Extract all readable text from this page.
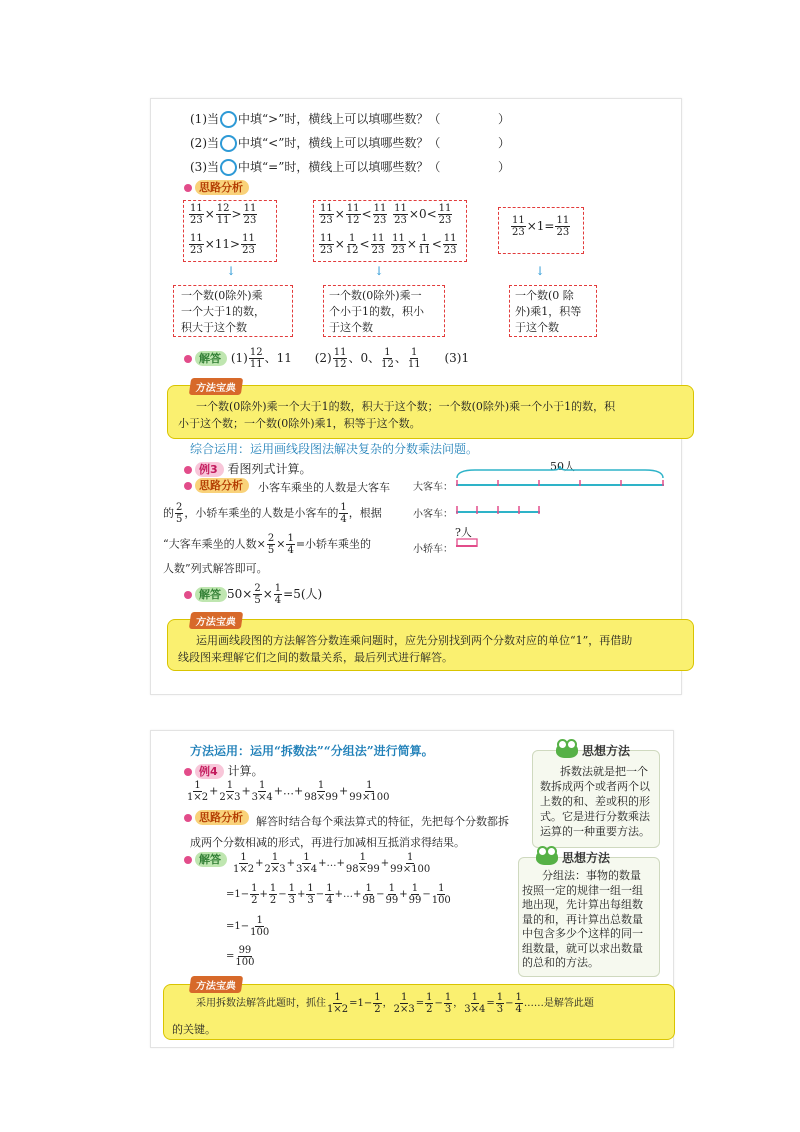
(1)当 中填“>”时，横线上可以填哪些数？（	）
(2)当 中填“<”时，横线上可以填哪些数？（	）
(3)当 中填“=”时，横线上可以填哪些数？（	）
思路分析
$\frac{11}{23} \times \frac{12}{11} > \frac{11}{23}$
$\frac{11}{23} \times 11> \frac{11}{23}$
$\frac{11}{23} \times \frac{11}{12} < \frac{11}{23}$
$\frac{11}{23} \times 0< \frac{11}{23}$
$\frac{11}{23} \times \frac{1}{12} < \frac{11}{23}$
$\frac{11}{23} \times \frac{1}{11} < \frac{11}{23}$
$\frac{11}{23} \times 1= \frac{11}{23}$
↓	↓	↓
一个数(0除外)乘
一个大于1的数，
积大于这个数
一个数(0除外)乘一
个小于1的数，积小
于这个数
一个数(0 除
外)乘1，积等
于这个数
解答 $(1) \frac{12}{11}$ 、11 $(2) \frac{11}{12}$ 、0、 $\frac{1}{12}$ 、 $\frac{1}{11} (3)1$
方法宝典
一个数(0除外)乘一个大于1的数，积大于这个数；一个数(0除外)乘一个小于1的数，积
小于这个数；一个数(0除外)乘1，积等于这个数。
综合运用：运用画线段图法解决复杂的分数乘法问题。
例3 看图列式计算。
思路分析	小客车乘坐的人数是大客车
的 $\frac{2}{5}$ ，小轿车乘坐的人数是小客车的 $\frac{1}{4}$ ，根据
“大客车乘坐的人数× $\frac{2}{5} \times \frac{1}{4}$ =小轿车乘坐的
人数”列式解答即可。
50人
大客车：
小客车：
?人
小轿车：
解答 $50\times \frac{2}{5} \times \frac{1}{4} =5$(人)
方法宝典
运用画线段图的方法解答分数连乘问题时，应先分别找到两个分数对应的单位“1”，再借助
线段图来理解它们之间的数量关系，最后列式进行解答。
方法运用：运用“拆数法”“分组法”进行简算。
例4 计算。
$\frac{1}{1\times 2} + \frac{1}{2\times 3} + \frac{1}{3\times 4}$ +…+ $\frac{1}{98\times 99} + \frac{1}{99\times 100}$
思路分析	解答时结合每个乘法算式的特征，先把每个分数都拆
成两个分数相减的形式，再进行加减相互抵消求得结果。
解答	$\frac{1}{1\times 2} + \frac{1}{2\times 3} + \frac{1}{3\times 4}$ +…+ $\frac{1}{98\times 99} + \frac{1}{99\times 100}$
$=1- \frac{1}{2} + \frac{1}{2} - \frac{1}{3} + \frac{1}{3} - \frac{1}{4}$ +…+ $\frac{1}{98} - \frac{1}{99} + \frac{1}{99} - \frac{1}{100}$
$=1- \frac{1}{100}$
= $\frac{99}{100}$
思想方法
拆数法就是把一个
数拆成两个或者两个以
上数的和、差或积的形
式。它是进行分数乘法
运算的一种重要方法。
思想方法
分组法：事物的数量
按照一定的规律一组一组
地出现，先计算出每组数
量的和，再计算出总数量
中包含多少个这样的同一
组数量，就可以求出数量
的总和的方法。
方法宝典
采用拆数法解答此题时，抓住 $\frac{1}{1\times 2} =1- \frac{1}{2}$ ， $\frac{1}{2\times 3} = \frac{1}{2} - \frac{1}{3}$ ， $\frac{1}{3\times 4} = \frac{1}{3} - \frac{1}{4}$ ……是解答此题
的关键。
